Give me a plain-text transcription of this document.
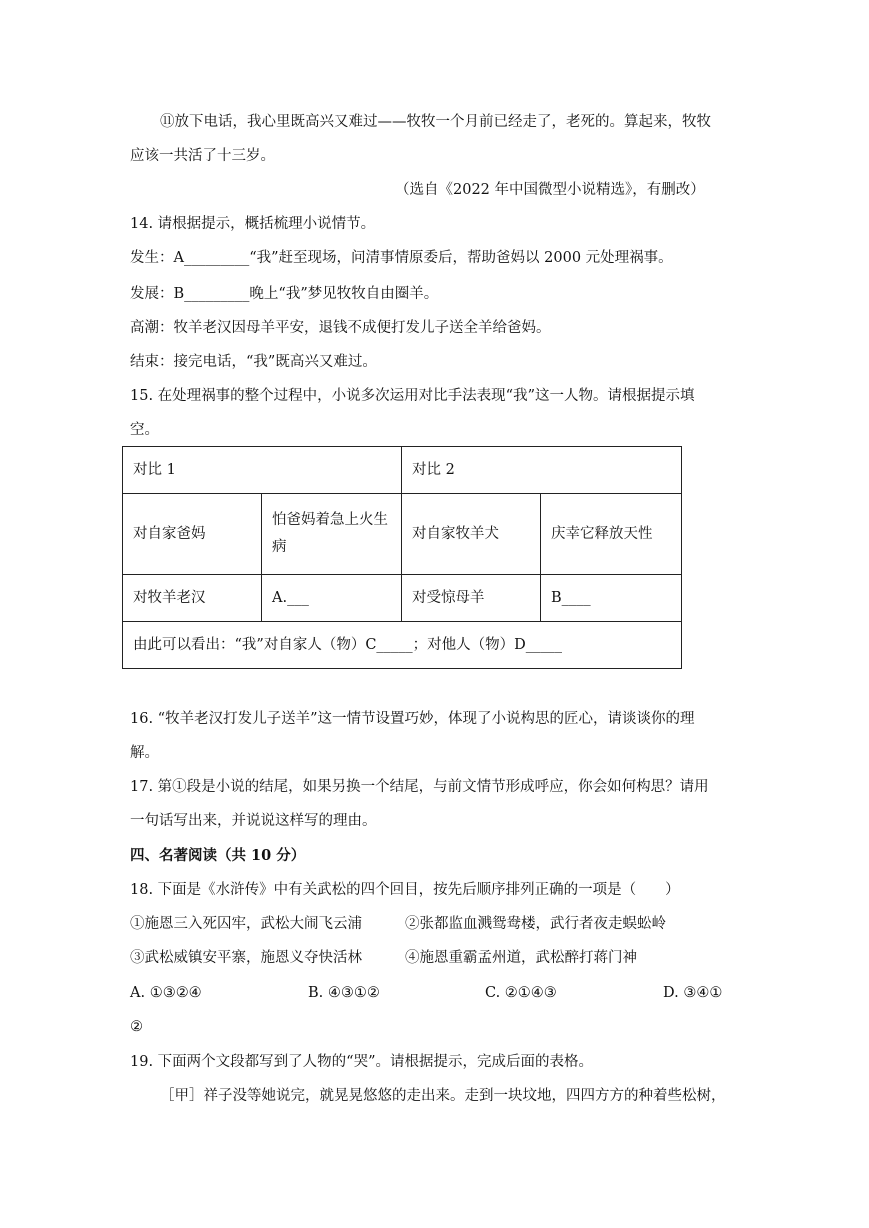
⑪放下电话，我心里既高兴又难过——牧牧一个月前已经走了，老死的。算起来，牧牧
应该一共活了十三岁。
（选自《2022 年中国微型小说精选》，有删改）
14. 请根据提示，概括梳理小说情节。
发生：A_________“我”赶至现场，问清事情原委后，帮助爸妈以 2000 元处理祸事。
发展：B_________晚上“我”梦见牧牧自由圈羊。
高潮：牧羊老汉因母羊平安，退钱不成便打发儿子送全羊给爸妈。
结束：接完电话，“我”既高兴又难过。
15. 在处理祸事的整个过程中，小说多次运用对比手法表现“我”这一人物。请根据提示填
空。
对比 1		对比 2	
对自家爸妈	怕爸妈着急上火生病	对自家牧羊犬	庆幸它释放天性
对牧羊老汉	A.___	对受惊母羊	B____
由此可以看出：“我”对自家人（物）C_____；对他人（物）D_____			
16. “牧羊老汉打发儿子送羊”这一情节设置巧妙，体现了小说构思的匠心，请谈谈你的理
解。
17. 第①段是小说的结尾，如果另换一个结尾，与前文情节形成呼应，你会如何构思？请用
一句话写出来，并说说这样写的理由。
四、名著阅读（共 10 分）
18. 下面是《水浒传》中有关武松的四个回目，按先后顺序排列正确的一项是（　　）
①施恩三入死囚牢，武松大闹飞云浦	②张都监血溅鸳鸯楼，武行者夜走蜈蚣岭
③武松威镇安平寨，施恩义夺快活林	④施恩重霸孟州道，武松醉打蒋门神
A. ①③②④	B. ④③①②	C. ②①④③	D. ③④①
②
19. 下面两个文段都写到了人物的“哭”。请根据提示，完成后面的表格。
［甲］祥子没等她说完，就晃晃悠悠的走出来。走到一块坟地，四四方方的种着些松树，
